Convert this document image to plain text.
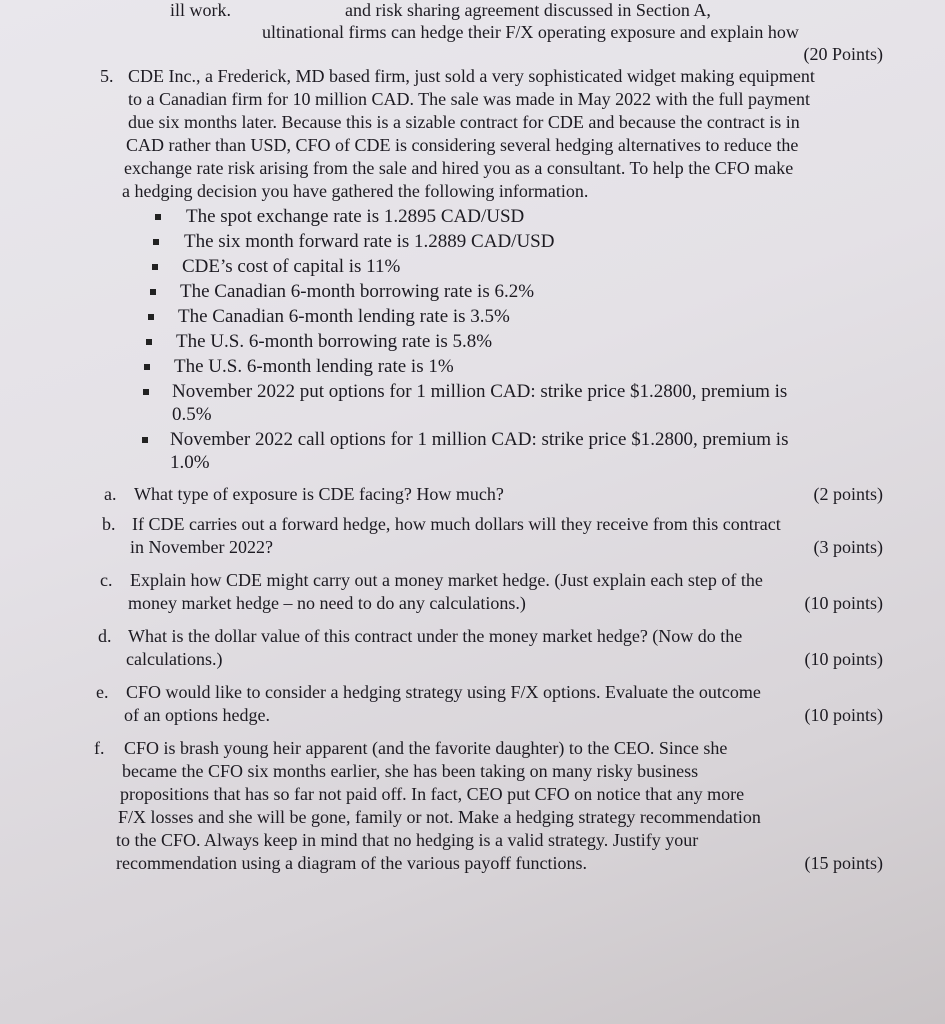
ill work.	and risk sharing agreement discussed in Section A,
ultinational firms can hedge their F/X operating exposure and explain how
(20 Points)
5. CDE Inc., a Frederick, MD based firm, just sold a very sophisticated widget making equipment
to a Canadian firm for 10 million CAD. The sale was made in May 2022 with the full payment
due six months later. Because this is a sizable contract for CDE and because the contract is in
CAD rather than USD, CFO of CDE is considering several hedging alternatives to reduce the
exchange rate risk arising from the sale and hired you as a consultant. To help the CFO make
a hedging decision you have gathered the following information.
The spot exchange rate is 1.2895 CAD/USD
The six month forward rate is 1.2889 CAD/USD
CDE’s cost of capital is 11%
The Canadian 6-month borrowing rate is 6.2%
The Canadian 6-month lending rate is 3.5%
The U.S. 6-month borrowing rate is 5.8%
The U.S. 6-month lending rate is 1%
November 2022 put options for 1 million CAD: strike price $1.2800, premium is
0.5%
November 2022 call options for 1 million CAD: strike price $1.2800, premium is
1.0%
a. What type of exposure is CDE facing? How much?	(2 points)
b. If CDE carries out a forward hedge, how much dollars will they receive from this contract
in November 2022?	(3 points)
c. Explain how CDE might carry out a money market hedge. (Just explain each step of the
money market hedge – no need to do any calculations.)	(10 points)
d. What is the dollar value of this contract under the money market hedge? (Now do the
calculations.)	(10 points)
e. CFO would like to consider a hedging strategy using F/X options. Evaluate the outcome
of an options hedge.	(10 points)
f. CFO is brash young heir apparent (and the favorite daughter) to the CEO. Since she
became the CFO six months earlier, she has been taking on many risky business
propositions that has so far not paid off. In fact, CEO put CFO on notice that any more
F/X losses and she will be gone, family or not. Make a hedging strategy recommendation
to the CFO. Always keep in mind that no hedging is a valid strategy. Justify your
recommendation using a diagram of the various payoff functions.	(15 points)
